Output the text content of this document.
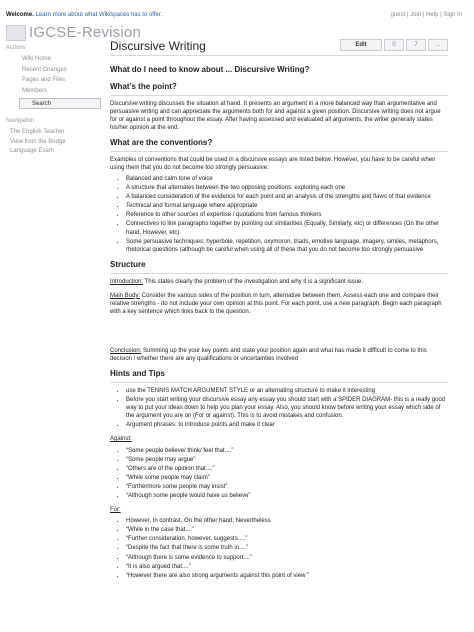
Welcome. Learn more about what Wikispaces has to offer.	guest | Join | Help | Sign In
IGCSE-Revision
Actions
Wiki Home
Recent Changes
Pages and Files
Members
Search
Navigation
The English Teacher
View from the Bridge
Language Exam
Discursive Writing	Edit	0	7	...
What do I need to know about ... Discursive Writing?
What’s the point?

Discursive writing discusses the situation at hand. It presents an argument in a more balanced way than argumentative and persuasive writing and can appreciate the arguments both for and against a given position. Discursive writing does not argue for or against a point throughout the essay. After having assessed and evaluated all arguments, the writer generally states his/her opinion at the end.

What are the conventions?

Examples of conventions that could be used in a discursive essays are listed below. However, you have to be careful when using them that you do not become too strongly persuasive:

• Balanced and calm tone of voice
• A structure that alternates between the two opposing positions: exploring each one
• A balanced consideration of the evidence for each point and an analysis of the strengths and flaws of that evidence
• Technical and formal language where appropriate
• Reference to other sources of expertise / quotations from famous thinkers
• Connectives to link paragraphs together by pointing out similarities (Equally, Similarly, etc) or differences (On the other hand, However, etc)
• Some persuasive techniques: hyperbole, repetition, oxymoron, triads, emotive language, imagery, similes, metaphors, rhetorical questions (although be careful when using all of these that you do not become too strongly persuasive
Structure

Introduction: This states clearly the problem of the investigation and why it is a significant issue.

Main Body: Consider the various sides of the position in turn, alternative between them. Assess each one and compare their relative strengths - do not include your own opinion at this point. For each point, use a new paragraph. Begin each paragraph with a key sentence which links back to the question.

Conclusion: Summing up the your key points and state your position again and what has made it difficult to come to this decision / whether there are any qualifications or uncertainties involved

Hints and Tips
• use the TENNIS MATCH ARGUMENT STYLE or an alternating structure to make it interesting
• Before you start writing your discursive essay any essay you should start with a SPIDER DIAGRAM- this is a really good way to put your ideas down to help you plan your essay. Also, you should know before writing your essay which side of the argument you are on (For or against). This is to avoid mistakes and confusion.
• Argument phrases: to introduce points and make it clear

Against:

• “Some people believe/ think/ feel that....”
• “Some people may argue”
• “Others are of the opinion that....”
• “While some people may claim”
• “Furthermore some people may insist”
• “Although some people would have us believe”

For:

• However, In contrast, On the other hand, Nevertheless
• “While in the case that....”
• “Further consideration, however, suggests….”
• “Despite the fact that there is some truth in....”
• “Although there is some evidence to support....”
• “It is also argued that....”
• “However there are also strong arguments against this point of view ”
